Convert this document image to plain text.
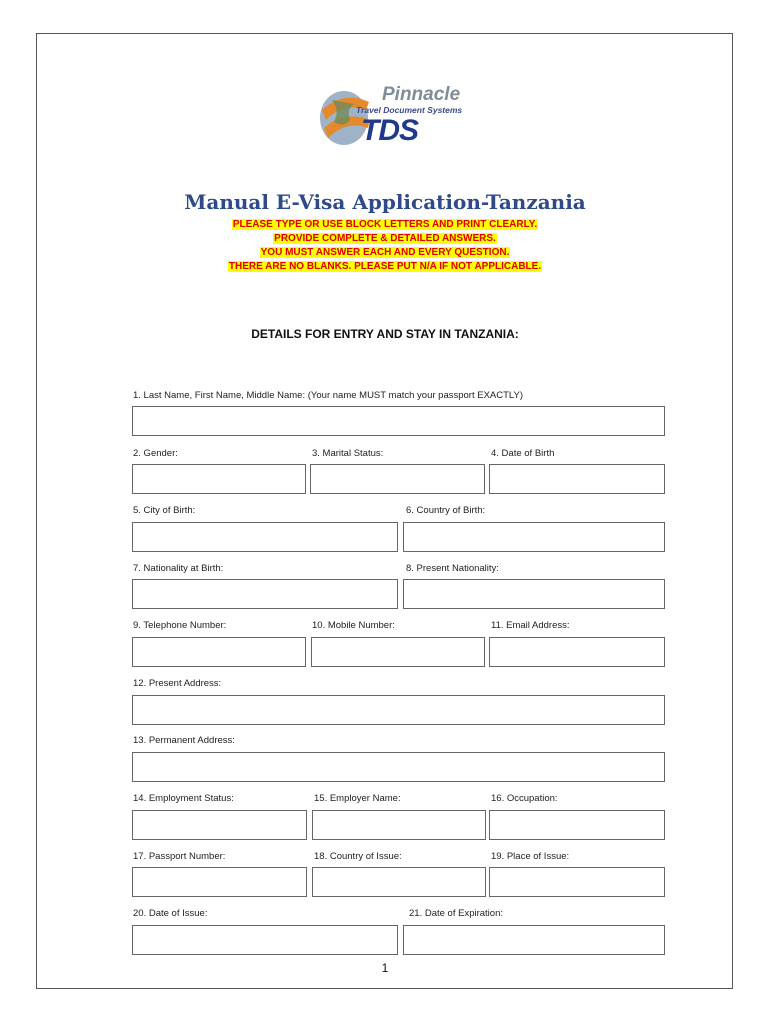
Pinnacle
Travel Document Systems
TDS
Manual E-Visa Application-Tanzania
PLEASE TYPE OR USE BLOCK LETTERS AND PRINT CLEARLY.
PROVIDE COMPLETE & DETAILED ANSWERS.
YOU MUST ANSWER EACH AND EVERY QUESTION.
THERE ARE NO BLANKS. PLEASE PUT N/A IF NOT APPLICABLE.
DETAILS FOR ENTRY AND STAY IN TANZANIA:
1. Last Name, First Name, Middle Name: (Your name MUST match your passport EXACTLY)
2. Gender:	3. Marital Status:	4. Date of Birth
5. City of Birth:	6. Country of Birth:
7. Nationality at Birth:	8. Present Nationality:
9. Telephone Number:	10. Mobile Number:	11. Email Address:
12. Present Address:
13. Permanent Address:
14. Employment Status:	15. Employer Name:	16. Occupation:
17. Passport Number:	18. Country of Issue:	19. Place of Issue:
20. Date of Issue:	21. Date of Expiration:
1
